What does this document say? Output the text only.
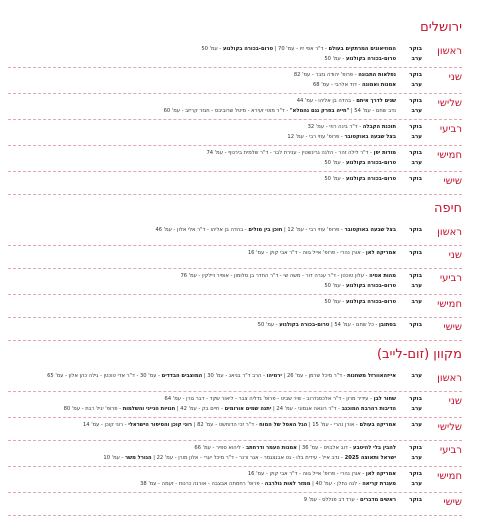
ירושלים
ראשון
בוקר
המוזיאונים המרתקים בעולם - ד"ר אפי זיו - עמ' 70 | טרום-בכורה בקולנוע - עמ' 50
ערב
טרום-בכורה בקולנוע - עמ' 50
שני
בוקר
נפלאות התבונה - פרופ' יהודה גזבר - עמ' 82
ערב
אמנות ואמונה - דוד אלרבי - עמ' 68
שלישי
בוקר
שנים לדרך איתם - בהדה בן אליהו - עמ' 44
ערב
נדב שחם - עמ' 54 | "חייה בפרק נגם נהמלא" - ד"ר מוטי זעירא - מיטל שרוביבס - חגזר קריזב - עמ' 60
רביעי
בוקר
תוכנת הקבלה - ד"ר בינה רוזי - עמ' 32
ערב
בצל שבעה באוקטובר - פרופ' עוזי רבי - עמ' 12
חמישי
בוקר
מודות יפן - ד"ר לילה זהר - הלנה גרינשטין - ענירת לבר - ד"ר שלמית בירנוף - עמ' 74
ערב
טרום-בכורה בקולנוע - עמ' 50
שישי
בוקר
טרום-בכורה בקולנוע - עמ' 50
חיפה
ראשון
בוקר
בצל שבעה באוקטובר - פרופ' עוזי רבי - עמ' 12 | חוכן בין מולים - בהדה בן אליהו - ד"ר אלי אלון - עמ' 46
שני
בוקר
אמריקה לאן - אורן נהרי - פרופ' אייל גווה - ד"ר אבי קוק - עמ' 16
רביעי
בוקר
מהות אסיה - עלון טוכטן - ד"ר ענרה דור - משה שי - ד"ר החדר בן סלומון - אופיר ויילקין - עמ' 76
ערב
טרום-בכורה בקולנוע - עמ' 50
חמישי
ערב
טרום-בכורה בקולנוע - עמ' 50
שישי
בוקר
בסתובן - כל שחם - עמ' 54 | טרום-בכורה בקולנוע - עמ' 50
מקוון (זום-לייב)
ראשון
ערב
אייזהאוורזל משחנות - ד"ר מיכל שרמן - עמ' 26 | ירמיהו - הרב ד"ר בניאג - עמ' 30 | המוצבים הבדדים - עמ' 30 - ד"ר אדי טוכטן - גילה כהן אלון - עמ' 65
שני
בוקר
שחור לבן - עידיר מרון - ד"ר אלכסנדרוב - שיר שביט - פרופ' גדליה צבר - ליאור שקד - דבר גורן - עמ' 64
ערב
הדיבות רהרבת המוכנב - ד"ר רונאה אגמוני - עמ' 24 | יתנה שמים אורומים - חיים בק - עמ' 42 | חנויות הנייני והשלמות - פרופ' יגיל רבת - עמ' 80
שלישי
ערב
אמריקה בעולם - אורן נהרי - עמ' 15 | הגל האפל של המוח - ד"ר זכי הדוחשט - עמ' 82 | רוני קוכן והסיפור הישראלי - רוני קוכן - עמ' 14
רביעי
בוקר
להבין בלי להיטבע - דוב אלבויס - עמ' 36 | אמנות העמר ודרחתב - ליהוא ספיר - עמ' 66
ערב
ישראל ותאוצה 2025 - נדב איל - עידית בלו - גט אבנצגמר - אגר ורנר - ד"ר מיכל יערי - אלון מורן - עמ' 22 | הגורל משר - עמ' 10
חמישי
בוקר
אמריקה לאן - אורן נהרי - פרופ' אייל גווה - ד"ר אבי קוק - עמ' 16
ערב
מעגרת קריאה - לנה נחלן - עמ' 40 | ממזר לאות נולרבה - פרופ' רחמתה אבצבה - אורנה כרנות - זעמה - עמ' 38
שישי
בוקר
ראשים מדברים - ערד דב פנללס - עמ' 9
